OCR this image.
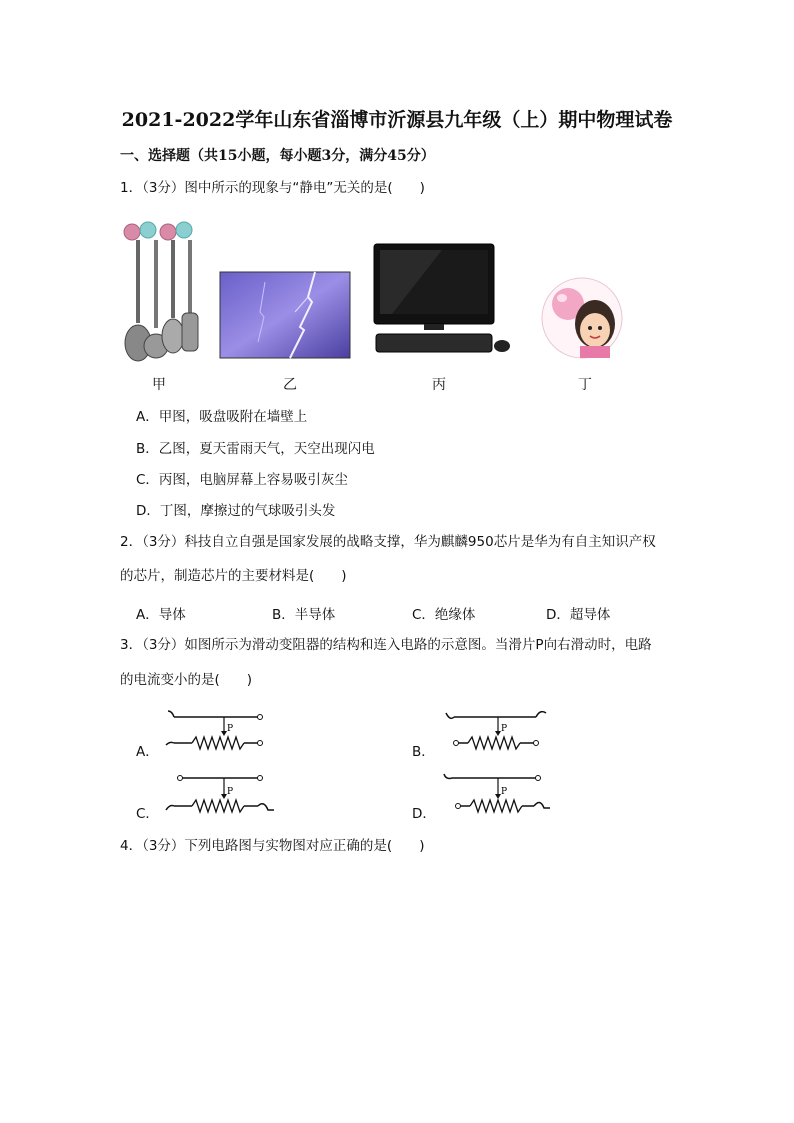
2021-2022学年山东省淄博市沂源县九年级（上）期中物理试卷
一、选择题（共15小题，每小题3分，满分45分）
1．（3分）图中所示的现象与“静电”无关的是(　　)
甲	乙	丙	丁
A．甲图，吸盘吸附在墙壁上
B．乙图，夏天雷雨天气，天空出现闪电
C．丙图，电脑屏幕上容易吸引灰尘
D．丁图，摩擦过的气球吸引头发
2．（3分）科技自立自强是国家发展的战略支撑，华为麒麟950芯片是华为有自主知识产权
的芯片，制造芯片的主要材料是(　　)
A．导体	B．半导体	C．绝缘体	D．超导体
3．（3分）如图所示为滑动变阻器的结构和连入电路的示意图。当滑片P向右滑动时，电路
的电流变小的是(　　)
A．
P
B．
P
C．
P
D．
P
4．（3分）下列电路图与实物图对应正确的是(　　)
